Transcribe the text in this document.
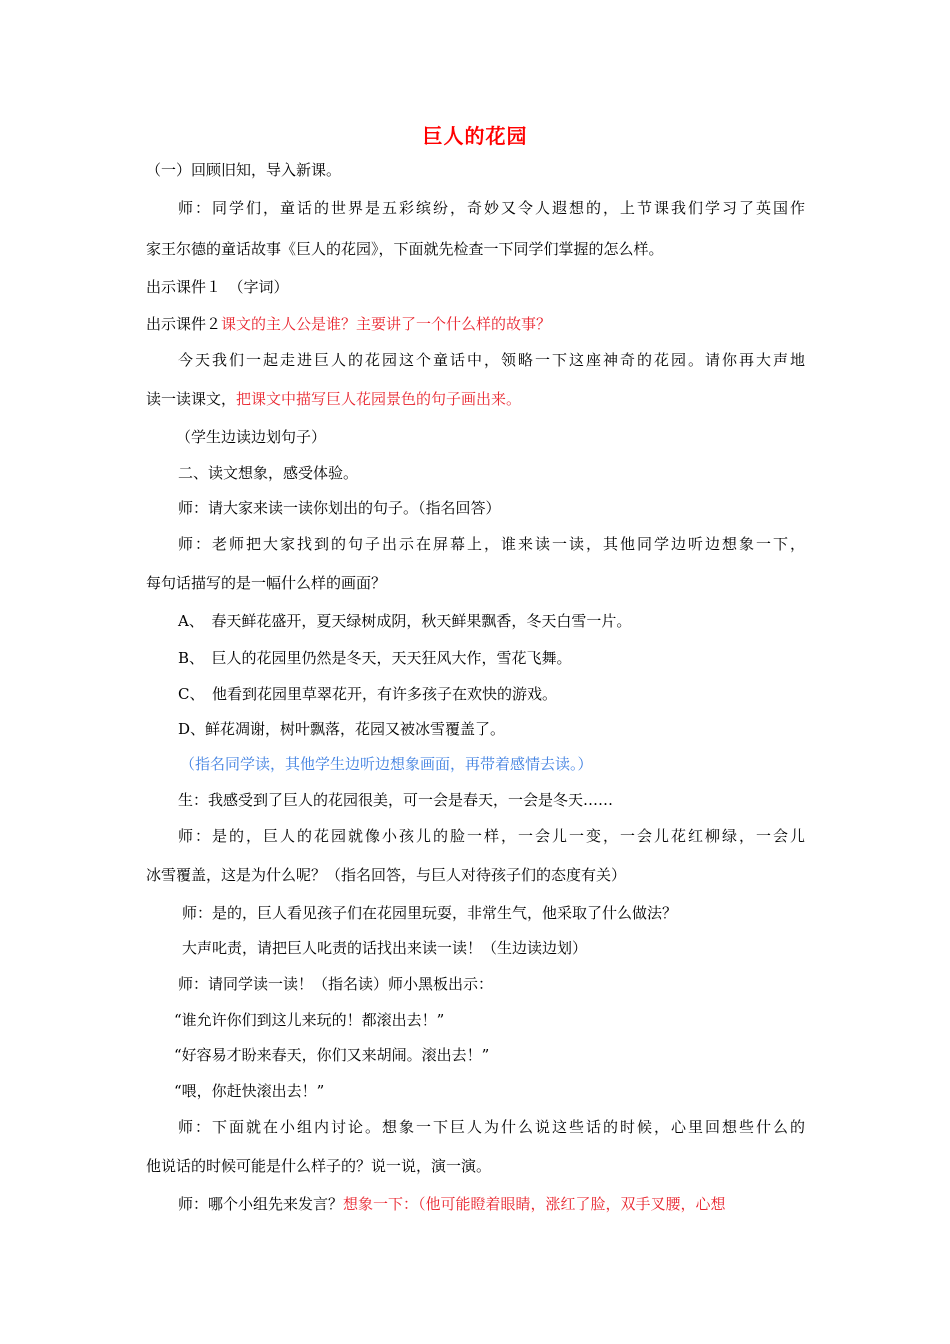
巨人的花园
（一）回顾旧知，导入新课。
师：同学们，童话的世界是五彩缤纷，奇妙又令人遐想的，上节课我们学习了英国作
家王尔德的童话故事《巨人的花园》，下面就先检查一下同学们掌握的怎么样。
出示课件１　（字词）
出示课件２课文的主人公是谁？主要讲了一个什么样的故事？
今天我们一起走进巨人的花园这个童话中，领略一下这座神奇的花园。请你再大声地
读一读课文，把课文中描写巨人花园景色的句子画出来。
（学生边读边划句子）
二、读文想象，感受体验。
师：请大家来读一读你划出的句子。（指名回答）
师：老师把大家找到的句子出示在屏幕上，谁来读一读，其他同学边听边想象一下，
每句话描写的是一幅什么样的画面？
A、　春天鲜花盛开，夏天绿树成阴，秋天鲜果飘香，冬天白雪一片。
B、　巨人的花园里仍然是冬天，天天狂风大作，雪花飞舞。
C、　他看到花园里草翠花开，有许多孩子在欢快的游戏。
D、鲜花凋谢，树叶飘落，花园又被冰雪覆盖了。
（指名同学读，其他学生边听边想象画面，再带着感情去读。）
生：我感受到了巨人的花园很美，可一会是春天，一会是冬天……
师：是的，巨人的花园就像小孩儿的脸一样，一会儿一变，一会儿花红柳绿，一会儿
冰雪覆盖，这是为什么呢？（指名回答，与巨人对待孩子们的态度有关）
师：是的，巨人看见孩子们在花园里玩耍，非常生气，他采取了什么做法？
大声叱责，请把巨人叱责的话找出来读一读！（生边读边划）
师：请同学读一读！（指名读）师小黑板出示：
“谁允许你们到这儿来玩的！都滚出去！”
“好容易才盼来春天，你们又来胡闹。滚出去！”
“喂，你赶快滚出去！”
师：下面就在小组内讨论。想象一下巨人为什么说这些话的时候，心里回想些什么的
他说话的时候可能是什么样子的？说一说，演一演。
师：哪个小组先来发言？想象一下：（他可能瞪着眼睛，涨红了脸，双手叉腰，心想
